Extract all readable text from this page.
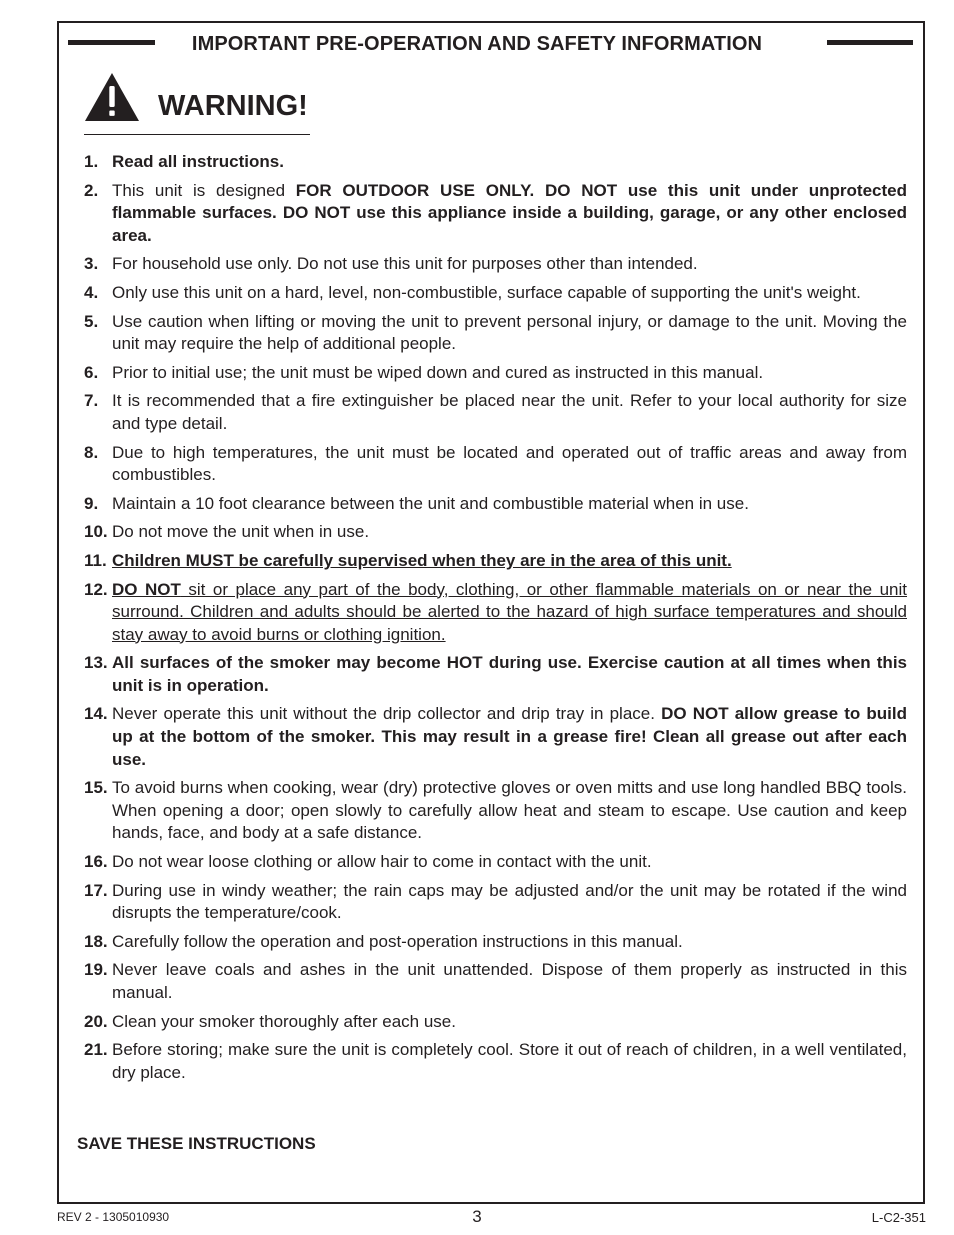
IMPORTANT PRE-OPERATION AND SAFETY INFORMATION
WARNING!
1. Read all instructions.
2. This unit is designed FOR OUTDOOR USE ONLY. DO NOT use this unit under unprotected flammable surfaces. DO NOT use this appliance inside a building, garage, or any other enclosed area.
3. For household use only. Do not use this unit for purposes other than intended.
4. Only use this unit on a hard, level, non-combustible, surface capable of supporting the unit's weight.
5. Use caution when lifting or moving the unit to prevent personal injury, or damage to the unit. Moving the unit may require the help of additional people.
6. Prior to initial use; the unit must be wiped down and cured as instructed in this manual.
7. It is recommended that a fire extinguisher be placed near the unit. Refer to your local authority for size and type detail.
8. Due to high temperatures, the unit must be located and operated out of traffic areas and away from combustibles.
9. Maintain a 10 foot clearance between the unit and combustible material when in use.
10. Do not move the unit when in use.
11. Children MUST be carefully supervised when they are in the area of this unit.
12. DO NOT sit or place any part of the body, clothing, or other flammable materials on or near the unit surround. Children and adults should be alerted to the hazard of high surface temperatures and should stay away to avoid burns or clothing ignition.
13. All surfaces of the smoker may become HOT during use. Exercise caution at all times when this unit is in operation.
14. Never operate this unit without the drip collector and drip tray in place. DO NOT allow grease to build up at the bottom of the smoker. This may result in a grease fire! Clean all grease out after each use.
15. To avoid burns when cooking, wear (dry) protective gloves or oven mitts and use long handled BBQ tools. When opening a door; open slowly to carefully allow heat and steam to escape. Use caution and keep hands, face, and body at a safe distance.
16. Do not wear loose clothing or allow hair to come in contact with the unit.
17. During use in windy weather; the rain caps may be adjusted and/or the unit may be rotated if the wind disrupts the temperature/cook.
18. Carefully follow the operation and post-operation instructions in this manual.
19. Never leave coals and ashes in the unit unattended. Dispose of them properly as instructed in this manual.
20. Clean your smoker thoroughly after each use.
21. Before storing; make sure the unit is completely cool. Store it out of reach of children, in a well ventilated, dry place.
SAVE THESE INSTRUCTIONS
REV 2 - 1305010930	3	L-C2-351
